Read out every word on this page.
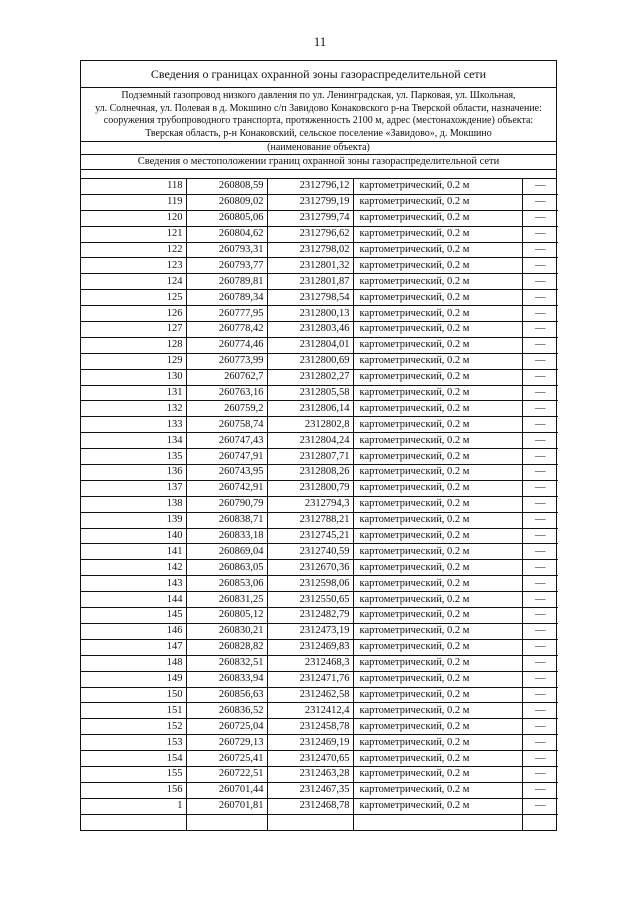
11
Сведения о границах охранной зоны газораспределительной сети
Подземный газопровод низкого давления по ул. Ленинградская, ул. Парковая, ул. Школьная,
ул. Солнечная, ул. Полевая в д. Мокшино с/п Завидово Конаковского р-на Тверской области, назначение:
сооружения трубопроводного транспорта, протяженность 2100 м, адрес (местонахождение) объекта:
Тверская область, р-н Конаковский, сельское поселение «Завидово», д. Мокшино
(наименование объекта)
Сведения о местоположении границ охранной зоны газораспределительной сети
118	260808,59	2312796,12	картометрический, 0.2 м	—
119	260809,02	2312799,19	картометрический, 0.2 м	—
120	260805,06	2312799,74	картометрический, 0.2 м	—
121	260804,62	2312796,62	картометрический, 0.2 м	—
122	260793,31	2312798,02	картометрический, 0.2 м	—
123	260793,77	2312801,32	картометрический, 0.2 м	—
124	260789,81	2312801,87	картометрический, 0.2 м	—
125	260789,34	2312798,54	картометрический, 0.2 м	—
126	260777,95	2312800,13	картометрический, 0.2 м	—
127	260778,42	2312803,46	картометрический, 0.2 м	—
128	260774,46	2312804,01	картометрический, 0.2 м	—
129	260773,99	2312800,69	картометрический, 0.2 м	—
130	260762,7	2312802,27	картометрический, 0.2 м	—
131	260763,16	2312805,58	картометрический, 0.2 м	—
132	260759,2	2312806,14	картометрический, 0.2 м	—
133	260758,74	2312802,8	картометрический, 0.2 м	—
134	260747,43	2312804,24	картометрический, 0.2 м	—
135	260747,91	2312807,71	картометрический, 0.2 м	—
136	260743,95	2312808,26	картометрический, 0.2 м	—
137	260742,91	2312800,79	картометрический, 0.2 м	—
138	260790,79	2312794,3	картометрический, 0.2 м	—
139	260838,71	2312788,21	картометрический, 0.2 м	—
140	260833,18	2312745,21	картометрический, 0.2 м	—
141	260869,04	2312740,59	картометрический, 0.2 м	—
142	260863,05	2312670,36	картометрический, 0.2 м	—
143	260853,06	2312598,06	картометрический, 0.2 м	—
144	260831,25	2312550,65	картометрический, 0.2 м	—
145	260805,12	2312482,79	картометрический, 0.2 м	—
146	260830,21	2312473,19	картометрический, 0.2 м	—
147	260828,82	2312469,83	картометрический, 0.2 м	—
148	260832,51	2312468,3	картометрический, 0.2 м	—
149	260833,94	2312471,76	картометрический, 0.2 м	—
150	260856,63	2312462,58	картометрический, 0.2 м	—
151	260836,52	2312412,4	картометрический, 0.2 м	—
152	260725,04	2312458,78	картометрический, 0.2 м	—
153	260729,13	2312469,19	картометрический, 0.2 м	—
154	260725,41	2312470,65	картометрический, 0.2 м	—
155	260722,51	2312463,28	картометрический, 0.2 м	—
156	260701,44	2312467,35	картометрический, 0.2 м	—
1	260701,81	2312468,78	картометрический, 0.2 м	—
